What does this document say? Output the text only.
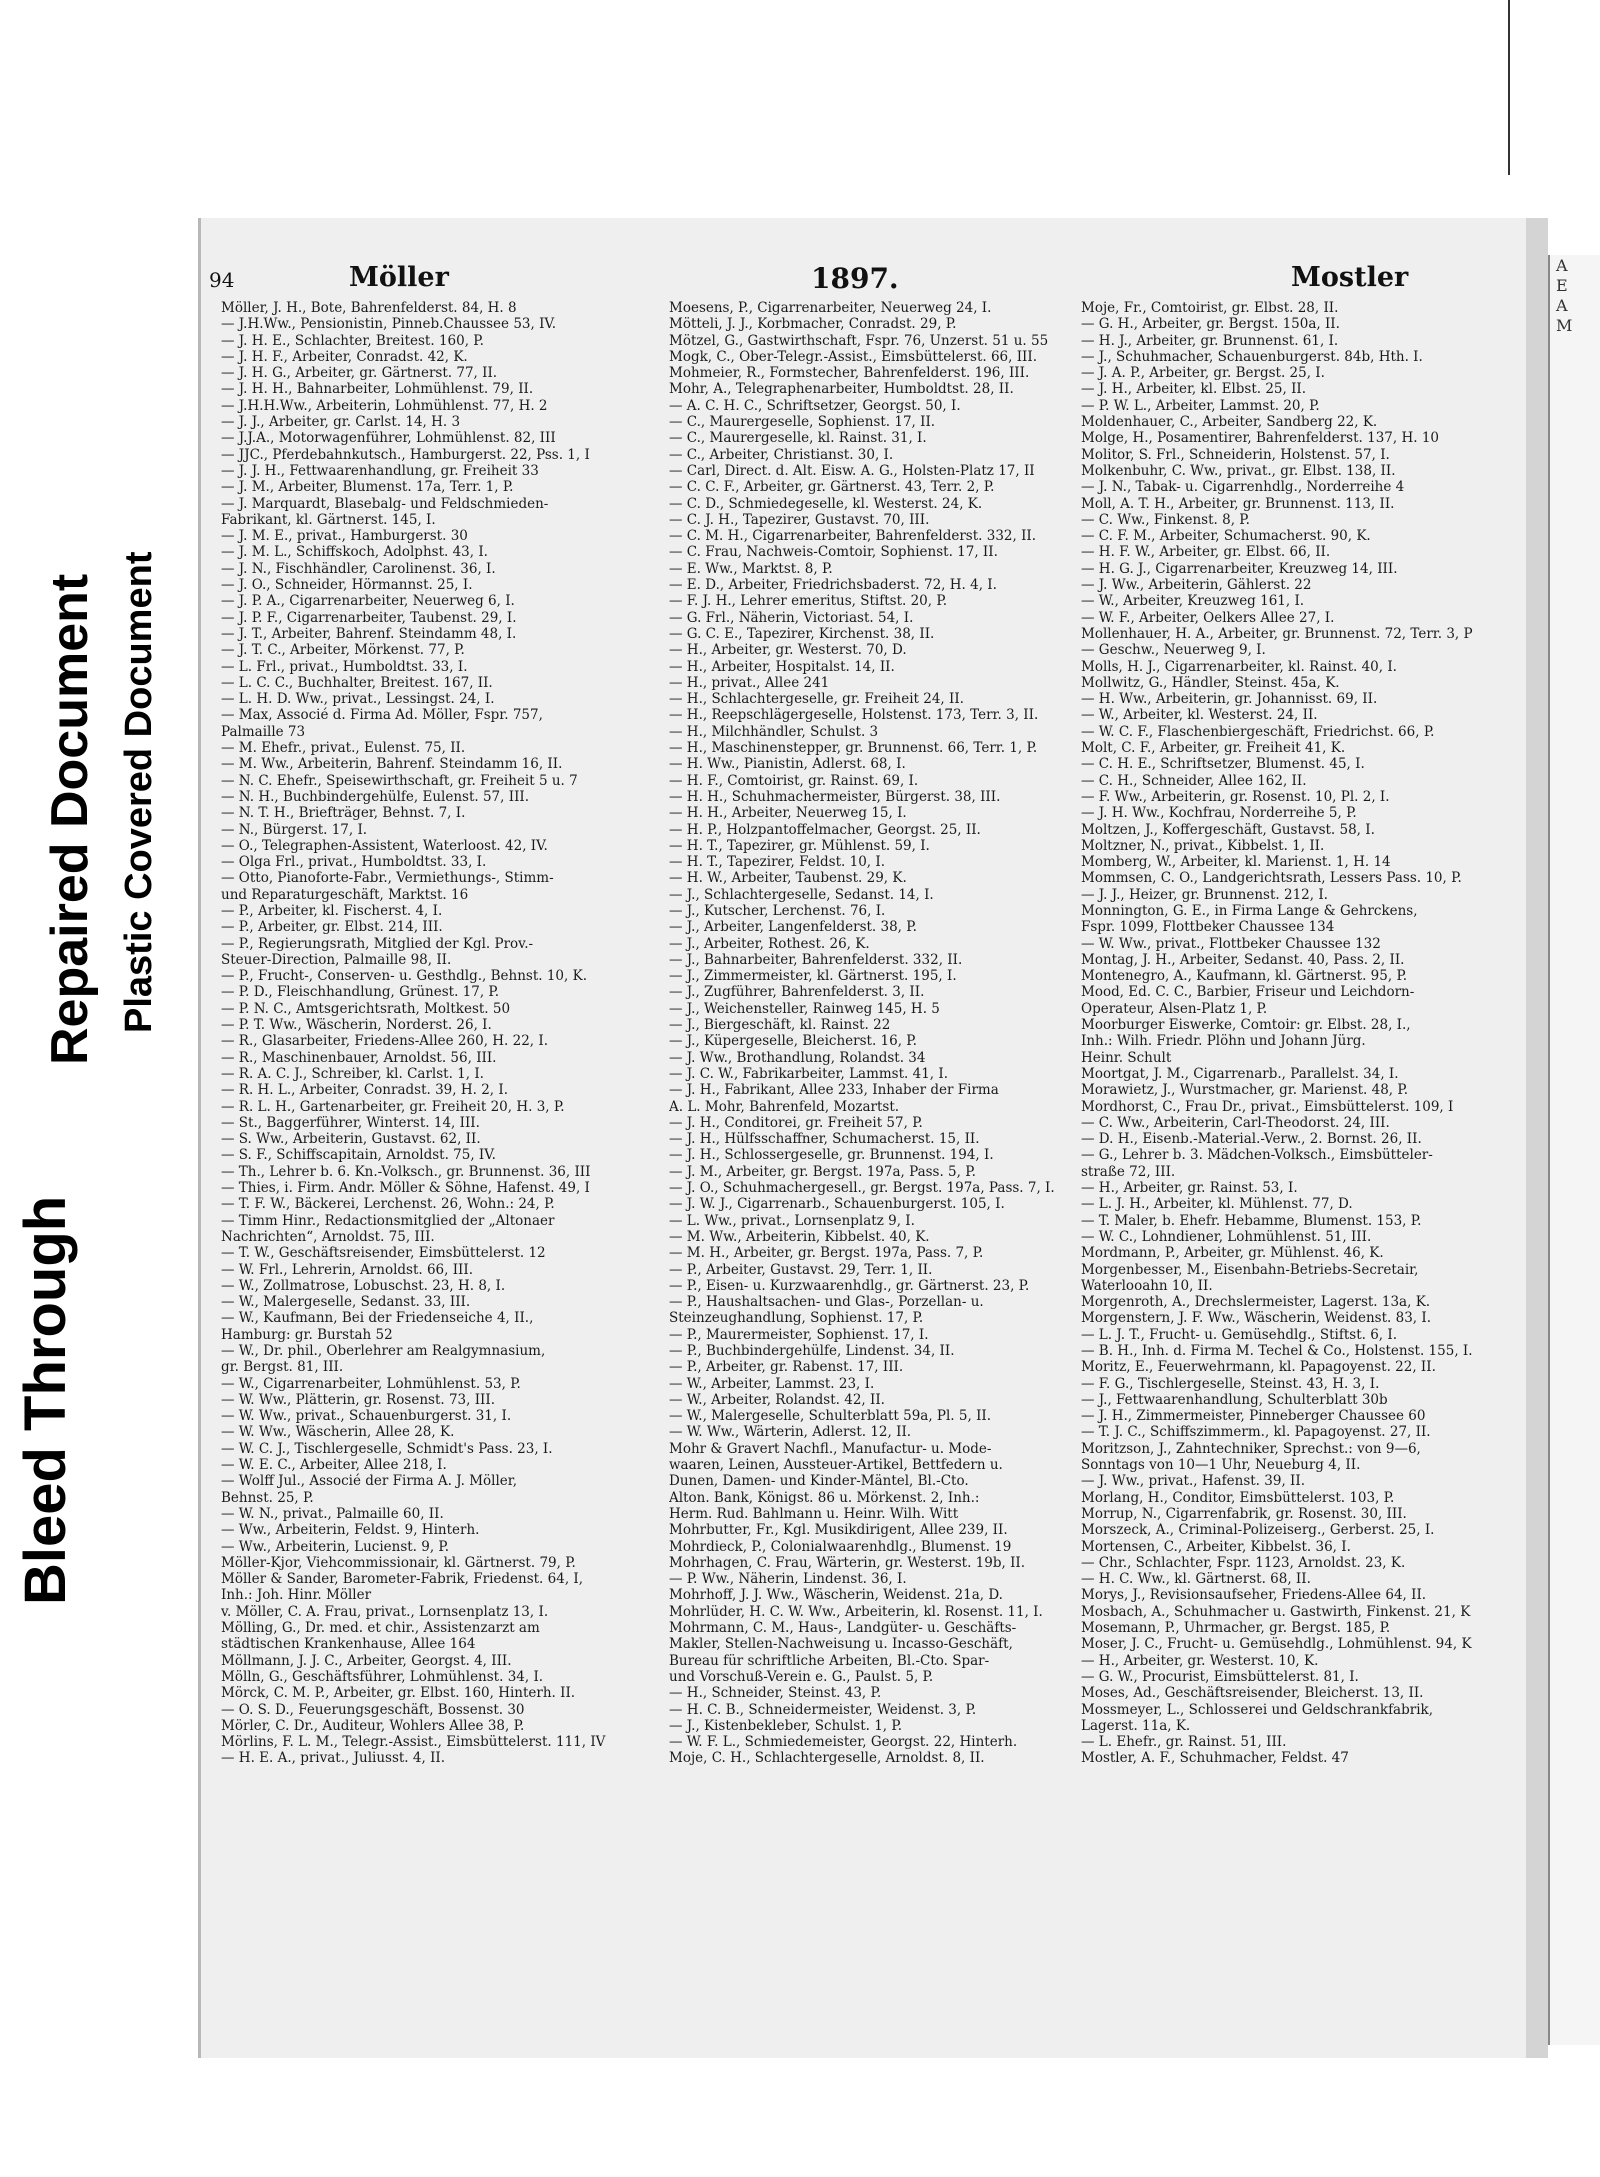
Bleed Through
Repaired Document Plastic Covered Document
94	Möller	1897.	Mostler
Möller, J. H., Bote, Bahrenfelderst. 84, H. 8
— J.H.Ww., Pensionistin, Pinneb.Chaussee 53, IV.
— J. H. E., Schlachter, Breitest. 160, P.
— J. H. F., Arbeiter, Conradst. 42, K.
— J. H. G., Arbeiter, gr. Gärtnerst. 77, II.
— J. H. H., Bahnarbeiter, Lohmühlenst. 79, II.
— J.H.H.Ww., Arbeiterin, Lohmühlenst. 77, H. 2
— J. J., Arbeiter, gr. Carlst. 14, H. 3
— J.J.A., Motorwagenführer, Lohmühlenst. 82, III
— JJC., Pferdebahnkutsch., Hamburgerst. 22, Pss. 1, I
— J. J. H., Fettwaarenhandlung, gr. Freiheit 33
— J. M., Arbeiter, Blumenst. 17a, Terr. 1, P.
— J. Marquardt, Blasebalg- und Feldschmieden-
Fabrikant, kl. Gärtnerst. 145, I.
— J. M. E., privat., Hamburgerst. 30
— J. M. L., Schiffskoch, Adolphst. 43, I.
— J. N., Fischhändler, Carolinenst. 36, I.
— J. O., Schneider, Hörmannst. 25, I.
— J. P. A., Cigarrenarbeiter, Neuerweg 6, I.
— J. P. F., Cigarrenarbeiter, Taubenst. 29, I.
— J. T., Arbeiter, Bahrenf. Steindamm 48, I.
— J. T. C., Arbeiter, Mörkenst. 77, P.
— L. Frl., privat., Humboldtst. 33, I.
— L. C. C., Buchhalter, Breitest. 167, II.
— L. H. D. Ww., privat., Lessingst. 24, I.
— Max, Associé d. Firma Ad. Möller, Fspr. 757,
Palmaille 73
— M. Ehefr., privat., Eulenst. 75, II.
— M. Ww., Arbeiterin, Bahrenf. Steindamm 16, II.
— N. C. Ehefr., Speisewirthschaft, gr. Freiheit 5 u. 7
— N. H., Buchbindergehülfe, Eulenst. 57, III.
— N. T. H., Briefträger, Behnst. 7, I.
— N., Bürgerst. 17, I.
— O., Telegraphen-Assistent, Waterloost. 42, IV.
— Olga Frl., privat., Humboldtst. 33, I.
— Otto, Pianoforte-Fabr., Vermiethungs-, Stimm-
und Reparaturgeschäft, Marktst. 16
— P., Arbeiter, kl. Fischerst. 4, I.
— P., Arbeiter, gr. Elbst. 214, III.
— P., Regierungsrath, Mitglied der Kgl. Prov.-
Steuer-Direction, Palmaille 98, II.
— P., Frucht-, Conserven- u. Gesthdlg., Behnst. 10, K.
— P. D., Fleischhandlung, Grünest. 17, P.
— P. N. C., Amtsgerichtsrath, Moltkest. 50
— P. T. Ww., Wäscherin, Norderst. 26, I.
— R., Glasarbeiter, Friedens-Allee 260, H. 22, I.
— R., Maschinenbauer, Arnoldst. 56, III.
— R. A. C. J., Schreiber, kl. Carlst. 1, I.
— R. H. L., Arbeiter, Conradst. 39, H. 2, I.
— R. L. H., Gartenarbeiter, gr. Freiheit 20, H. 3, P.
— St., Baggerführer, Winterst. 14, III.
— S. Ww., Arbeiterin, Gustavst. 62, II.
— S. F., Schiffscapitain, Arnoldst. 75, IV.
— Th., Lehrer b. 6. Kn.-Volksch., gr. Brunnenst. 36, III
— Thies, i. Firm. Andr. Möller & Söhne, Hafenst. 49, I
— T. F. W., Bäckerei, Lerchenst. 26, Wohn.: 24, P.
— Timm Hinr., Redactionsmitglied der „Altonaer
Nachrichten“, Arnoldst. 75, III.
— T. W., Geschäftsreisender, Eimsbüttelerst. 12
— W. Frl., Lehrerin, Arnoldst. 66, III.
— W., Zollmatrose, Lobuschst. 23, H. 8, I.
— W., Malergeselle, Sedanst. 33, III.
— W., Kaufmann, Bei der Friedenseiche 4, II.,
Hamburg: gr. Burstah 52
— W., Dr. phil., Oberlehrer am Realgymnasium,
gr. Bergst. 81, III.
— W., Cigarrenarbeiter, Lohmühlenst. 53, P.
— W. Ww., Plätterin, gr. Rosenst. 73, III.
— W. Ww., privat., Schauenburgerst. 31, I.
— W. Ww., Wäscherin, Allee 28, K.
— W. C. J., Tischlergeselle, Schmidt's Pass. 23, I.
— W. E. C., Arbeiter, Allee 218, I.
— Wolff Jul., Associé der Firma A. J. Möller,
Behnst. 25, P.
— W. N., privat., Palmaille 60, II.
— Ww., Arbeiterin, Feldst. 9, Hinterh.
— Ww., Arbeiterin, Lucienst. 9, P.
Möller-Kjor, Viehcommissionair, kl. Gärtnerst. 79, P.
Möller & Sander, Barometer-Fabrik, Friedenst. 64, I,
Inh.: Joh. Hinr. Möller
v. Möller, C. A. Frau, privat., Lornsenplatz 13, I.
Mölling, G., Dr. med. et chir., Assistenzarzt am
städtischen Krankenhause, Allee 164
Möllmann, J. J. C., Arbeiter, Georgst. 4, III.
Mölln, G., Geschäftsführer, Lohmühlenst. 34, I.
Mörck, C. M. P., Arbeiter, gr. Elbst. 160, Hinterh. II.
— O. S. D., Feuerungsgeschäft, Bossenst. 30
Mörler, C. Dr., Auditeur, Wohlers Allee 38, P.
Mörlins, F. L. M., Telegr.-Assist., Eimsbüttelerst. 111, IV
— H. E. A., privat., Juliusst. 4, II.
Moesens, P., Cigarrenarbeiter, Neuerweg 24, I.
Mötteli, J. J., Korbmacher, Conradst. 29, P.
Mötzel, G., Gastwirthschaft, Fspr. 76, Unzerst. 51 u. 55
Mogk, C., Ober-Telegr.-Assist., Eimsbüttelerst. 66, III.
Mohmeier, R., Formstecher, Bahrenfelderst. 196, III.
Mohr, A., Telegraphenarbeiter, Humboldtst. 28, II.
— A. C. H. C., Schriftsetzer, Georgst. 50, I.
— C., Maurergeselle, Sophienst. 17, II.
— C., Maurergeselle, kl. Rainst. 31, I.
— C., Arbeiter, Christianst. 30, I.
— Carl, Direct. d. Alt. Eisw. A. G., Holsten-Platz 17, II
— C. C. F., Arbeiter, gr. Gärtnerst. 43, Terr. 2, P.
— C. D., Schmiedegeselle, kl. Westerst. 24, K.
— C. J. H., Tapezirer, Gustavst. 70, III.
— C. M. H., Cigarrenarbeiter, Bahrenfelderst. 332, II.
— C. Frau, Nachweis-Comtoir, Sophienst. 17, II.
— E. Ww., Marktst. 8, P.
— E. D., Arbeiter, Friedrichsbaderst. 72, H. 4, I.
— F. J. H., Lehrer emeritus, Stiftst. 20, P.
— G. Frl., Näherin, Victoriast. 54, I.
— G. C. E., Tapezirer, Kirchenst. 38, II.
— H., Arbeiter, gr. Westerst. 70, D.
— H., Arbeiter, Hospitalst. 14, II.
— H., privat., Allee 241
— H., Schlachtergeselle, gr. Freiheit 24, II.
— H., Reepschlägergeselle, Holstenst. 173, Terr. 3, II.
— H., Milchhändler, Schulst. 3
— H., Maschinenstepper, gr. Brunnenst. 66, Terr. 1, P.
— H. Ww., Pianistin, Adlerst. 68, I.
— H. F., Comtoirist, gr. Rainst. 69, I.
— H. H., Schuhmachermeister, Bürgerst. 38, III.
— H. H., Arbeiter, Neuerweg 15, I.
— H. P., Holzpantoffelmacher, Georgst. 25, II.
— H. T., Tapezirer, gr. Mühlenst. 59, I.
— H. T., Tapezirer, Feldst. 10, I.
— H. W., Arbeiter, Taubenst. 29, K.
— J., Schlachtergeselle, Sedanst. 14, I.
— J., Kutscher, Lerchenst. 76, I.
— J., Arbeiter, Langenfelderst. 38, P.
— J., Arbeiter, Rothest. 26, K.
— J., Bahnarbeiter, Bahrenfelderst. 332, II.
— J., Zimmermeister, kl. Gärtnerst. 195, I.
— J., Zugführer, Bahrenfelderst. 3, II.
— J., Weichensteller, Rainweg 145, H. 5
— J., Biergeschäft, kl. Rainst. 22
— J., Küpergeselle, Bleicherst. 16, P.
— J. Ww., Brothandlung, Rolandst. 34
— J. C. W., Fabrikarbeiter, Lammst. 41, I.
— J. H., Fabrikant, Allee 233, Inhaber der Firma
A. L. Mohr, Bahrenfeld, Mozartst.
— J. H., Conditorei, gr. Freiheit 57, P.
— J. H., Hülfsschaffner, Schumacherst. 15, II.
— J. H., Schlossergeselle, gr. Brunnenst. 194, I.
— J. M., Arbeiter, gr. Bergst. 197a, Pass. 5, P.
— J. O., Schuhmachergesell., gr. Bergst. 197a, Pass. 7, I.
— J. W. J., Cigarrenarb., Schauenburgerst. 105, I.
— L. Ww., privat., Lornsenplatz 9, I.
— M. Ww., Arbeiterin, Kibbelst. 40, K.
— M. H., Arbeiter, gr. Bergst. 197a, Pass. 7, P.
— P., Arbeiter, Gustavst. 29, Terr. 1, II.
— P., Eisen- u. Kurzwaarenhdlg., gr. Gärtnerst. 23, P.
— P., Haushaltsachen- und Glas-, Porzellan- u.
Steinzeughandlung, Sophienst. 17, P.
— P., Maurermeister, Sophienst. 17, I.
— P., Buchbindergehülfe, Lindenst. 34, II.
— P., Arbeiter, gr. Rabenst. 17, III.
— W., Arbeiter, Lammst. 23, I.
— W., Arbeiter, Rolandst. 42, II.
— W., Malergeselle, Schulterblatt 59a, Pl. 5, II.
— W. Ww., Wärterin, Adlerst. 12, II.
Mohr & Gravert Nachfl., Manufactur- u. Mode-
waaren, Leinen, Aussteuer-Artikel, Bettfedern u.
Dunen, Damen- und Kinder-Mäntel, Bl.-Cto.
Alton. Bank, Königst. 86 u. Mörkenst. 2, Inh.:
Herm. Rud. Bahlmann u. Heinr. Wilh. Witt
Mohrbutter, Fr., Kgl. Musikdirigent, Allee 239, II.
Mohrdieck, P., Colonialwaarenhdlg., Blumenst. 19
Mohrhagen, C. Frau, Wärterin, gr. Westerst. 19b, II.
— P. Ww., Näherin, Lindenst. 36, I.
Mohrhoff, J. J. Ww., Wäscherin, Weidenst. 21a, D.
Mohrlüder, H. C. W. Ww., Arbeiterin, kl. Rosenst. 11, I.
Mohrmann, C. M., Haus-, Landgüter- u. Geschäfts-
Makler, Stellen-Nachweisung u. Incasso-Geschäft,
Bureau für schriftliche Arbeiten, Bl.-Cto. Spar-
und Vorschuß-Verein e. G., Paulst. 5, P.
— H., Schneider, Steinst. 43, P.
— H. C. B., Schneidermeister, Weidenst. 3, P.
— J., Kistenbekleber, Schulst. 1, P.
— W. F. L., Schmiedemeister, Georgst. 22, Hinterh.
Moje, C. H., Schlachtergeselle, Arnoldst. 8, II.
Moje, Fr., Comtoirist, gr. Elbst. 28, II.
— G. H., Arbeiter, gr. Bergst. 150a, II.
— H. J., Arbeiter, gr. Brunnenst. 61, I.
— J., Schuhmacher, Schauenburgerst. 84b, Hth. I.
— J. A. P., Arbeiter, gr. Bergst. 25, I.
— J. H., Arbeiter, kl. Elbst. 25, II.
— P. W. L., Arbeiter, Lammst. 20, P.
Moldenhauer, C., Arbeiter, Sandberg 22, K.
Molge, H., Posamentirer, Bahrenfelderst. 137, H. 10
Molitor, S. Frl., Schneiderin, Holstenst. 57, I.
Molkenbuhr, C. Ww., privat., gr. Elbst. 138, II.
— J. N., Tabak- u. Cigarrenhdlg., Norderreihe 4
Moll, A. T. H., Arbeiter, gr. Brunnenst. 113, II.
— C. Ww., Finkenst. 8, P.
— C. F. M., Arbeiter, Schumacherst. 90, K.
— H. F. W., Arbeiter, gr. Elbst. 66, II.
— H. G. J., Cigarrenarbeiter, Kreuzweg 14, III.
— J. Ww., Arbeiterin, Gählerst. 22
— W., Arbeiter, Kreuzweg 161, I.
— W. F., Arbeiter, Oelkers Allee 27, I.
Mollenhauer, H. A., Arbeiter, gr. Brunnenst. 72, Terr. 3, P
— Geschw., Neuerweg 9, I.
Molls, H. J., Cigarrenarbeiter, kl. Rainst. 40, I.
Mollwitz, G., Händler, Steinst. 45a, K.
— H. Ww., Arbeiterin, gr. Johannisst. 69, II.
— W., Arbeiter, kl. Westerst. 24, II.
— W. C. F., Flaschenbiergeschäft, Friedrichst. 66, P.
Molt, C. F., Arbeiter, gr. Freiheit 41, K.
— C. H. E., Schriftsetzer, Blumenst. 45, I.
— C. H., Schneider, Allee 162, II.
— F. Ww., Arbeiterin, gr. Rosenst. 10, Pl. 2, I.
— J. H. Ww., Kochfrau, Norderreihe 5, P.
Moltzen, J., Koffergeschäft, Gustavst. 58, I.
Moltzner, N., privat., Kibbelst. 1, II.
Momberg, W., Arbeiter, kl. Marienst. 1, H. 14
Mommsen, C. O., Landgerichtsrath, Lessers Pass. 10, P.
— J. J., Heizer, gr. Brunnenst. 212, I.
Monnington, G. E., in Firma Lange & Gehrckens,
Fspr. 1099, Flottbeker Chaussee 134
— W. Ww., privat., Flottbeker Chaussee 132
Montag, J. H., Arbeiter, Sedanst. 40, Pass. 2, II.
Montenegro, A., Kaufmann, kl. Gärtnerst. 95, P.
Mood, Ed. C. C., Barbier, Friseur und Leichdorn-
Operateur, Alsen-Platz 1, P.
Moorburger Eiswerke, Comtoir: gr. Elbst. 28, I.,
Inh.: Wilh. Friedr. Plöhn und Johann Jürg.
Heinr. Schult
Moortgat, J. M., Cigarrenarb., Parallelst. 34, I.
Morawietz, J., Wurstmacher, gr. Marienst. 48, P.
Mordhorst, C., Frau Dr., privat., Eimsbüttelerst. 109, I
— C. Ww., Arbeiterin, Carl-Theodorst. 24, III.
— D. H., Eisenb.-Material.-Verw., 2. Bornst. 26, II.
— G., Lehrer b. 3. Mädchen-Volksch., Eimsbütteler-
straße 72, III.
— H., Arbeiter, gr. Rainst. 53, I.
— L. J. H., Arbeiter, kl. Mühlenst. 77, D.
— T. Maler, b. Ehefr. Hebamme, Blumenst. 153, P.
— W. C., Lohndiener, Lohmühlenst. 51, III.
Mordmann, P., Arbeiter, gr. Mühlenst. 46, K.
Morgenbesser, M., Eisenbahn-Betriebs-Secretair,
Waterlooahn 10, II.
Morgenroth, A., Drechslermeister, Lagerst. 13a, K.
Morgenstern, J. F. Ww., Wäscherin, Weidenst. 83, I.
— L. J. T., Frucht- u. Gemüsehdlg., Stiftst. 6, I.
— B. H., Inh. d. Firma M. Techel & Co., Holstenst. 155, I.
Moritz, E., Feuerwehrmann, kl. Papagoyenst. 22, II.
— F. G., Tischlergeselle, Steinst. 43, H. 3, I.
— J., Fettwaarenhandlung, Schulterblatt 30b
— J. H., Zimmermeister, Pinneberger Chaussee 60
— T. J. C., Schiffszimmerm., kl. Papagoyenst. 27, II.
Moritzson, J., Zahntechniker, Sprechst.: von 9—6,
Sonntags von 10—1 Uhr, Neueburg 4, II.
— J. Ww., privat., Hafenst. 39, II.
Morlang, H., Conditor, Eimsbüttelerst. 103, P.
Morrup, N., Cigarrenfabrik, gr. Rosenst. 30, III.
Morszeck, A., Criminal-Polizeiserg., Gerberst. 25, I.
Mortensen, C., Arbeiter, Kibbelst. 36, I.
— Chr., Schlachter, Fspr. 1123, Arnoldst. 23, K.
— H. C. Ww., kl. Gärtnerst. 68, II.
Morys, J., Revisionsaufseher, Friedens-Allee 64, II.
Mosbach, A., Schuhmacher u. Gastwirth, Finkenst. 21, K
Mosemann, P., Uhrmacher, gr. Bergst. 185, P.
Moser, J. C., Frucht- u. Gemüsehdlg., Lohmühlenst. 94, K
— H., Arbeiter, gr. Westerst. 10, K.
— G. W., Procurist, Eimsbüttelerst. 81, I.
Moses, Ad., Geschäftsreisender, Bleicherst. 13, II.
Mossmeyer, L., Schlosserei und Geldschrankfabrik,
Lagerst. 11a, K.
— L. Ehefr., gr. Rainst. 51, III.
Mostler, A. F., Schuhmacher, Feldst. 47
A
E
A
M
